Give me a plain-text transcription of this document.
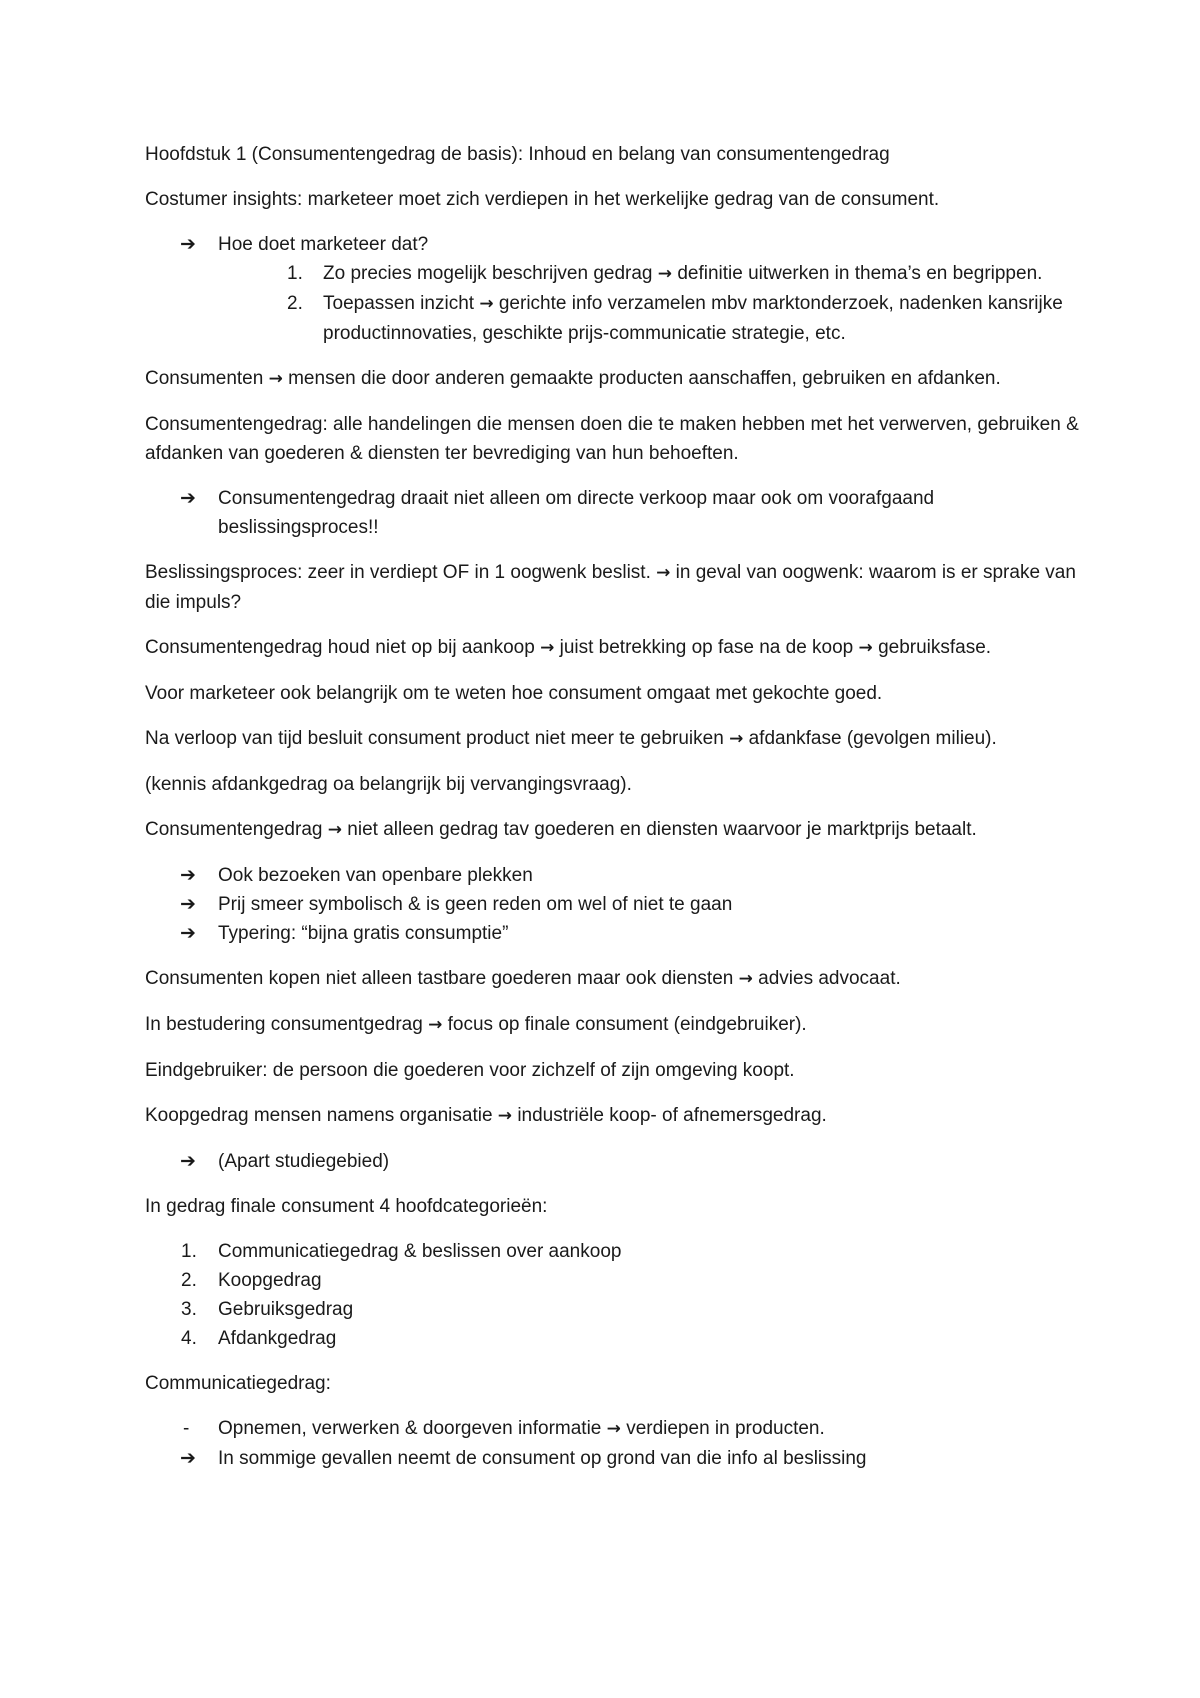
Hoofdstuk 1 (Consumentengedrag de basis): Inhoud en belang van consumentengedrag

Costumer insights: marketeer moet zich verdiepen in het werkelijke gedrag van de consument.

➔ Hoe doet marketeer dat?
1. Zo precies mogelijk beschrijven gedrag → definitie uitwerken in thema’s en begrippen.
2. Toepassen inzicht → gerichte info verzamelen mbv marktonderzoek, nadenken kansrijke productinnovaties, geschikte prijs-communicatie strategie, etc.

Consumenten → mensen die door anderen gemaakte producten aanschaffen, gebruiken en afdanken.

Consumentengedrag: alle handelingen die mensen doen die te maken hebben met het verwerven, gebruiken & afdanken van goederen & diensten ter bevrediging van hun behoeften.

➔ Consumentengedrag draait niet alleen om directe verkoop maar ook om voorafgaand beslissingsproces!!

Beslissingsproces: zeer in verdiept OF in 1 oogwenk beslist. → in geval van oogwenk: waarom is er sprake van die impuls?

Consumentengedrag houd niet op bij aankoop → juist betrekking op fase na de koop → gebruiksfase.

Voor marketeer ook belangrijk om te weten hoe consument omgaat met gekochte goed.

Na verloop van tijd besluit consument product niet meer te gebruiken → afdankfase (gevolgen milieu).

(kennis afdankgedrag oa belangrijk bij vervangingsvraag).

Consumentengedrag → niet alleen gedrag tav goederen en diensten waarvoor je marktprijs betaalt.

➔ Ook bezoeken van openbare plekken
➔ Prij smeer symbolisch & is geen reden om wel of niet te gaan
➔ Typering: “bijna gratis consumptie”

Consumenten kopen niet alleen tastbare goederen maar ook diensten → advies advocaat.

In bestudering consumentgedrag → focus op finale consument (eindgebruiker).

Eindgebruiker: de persoon die goederen voor zichzelf of zijn omgeving koopt.

Koopgedrag mensen namens organisatie → industriële koop- of afnemersgedrag.

➔ (Apart studiegebied)

In gedrag finale consument 4 hoofdcategorieën:

1. Communicatiegedrag & beslissen over aankoop
2. Koopgedrag
3. Gebruiksgedrag
4. Afdankgedrag

Communicatiegedrag:

- Opnemen, verwerken & doorgeven informatie → verdiepen in producten.
➔ In sommige gevallen neemt de consument op grond van die info al beslissing
